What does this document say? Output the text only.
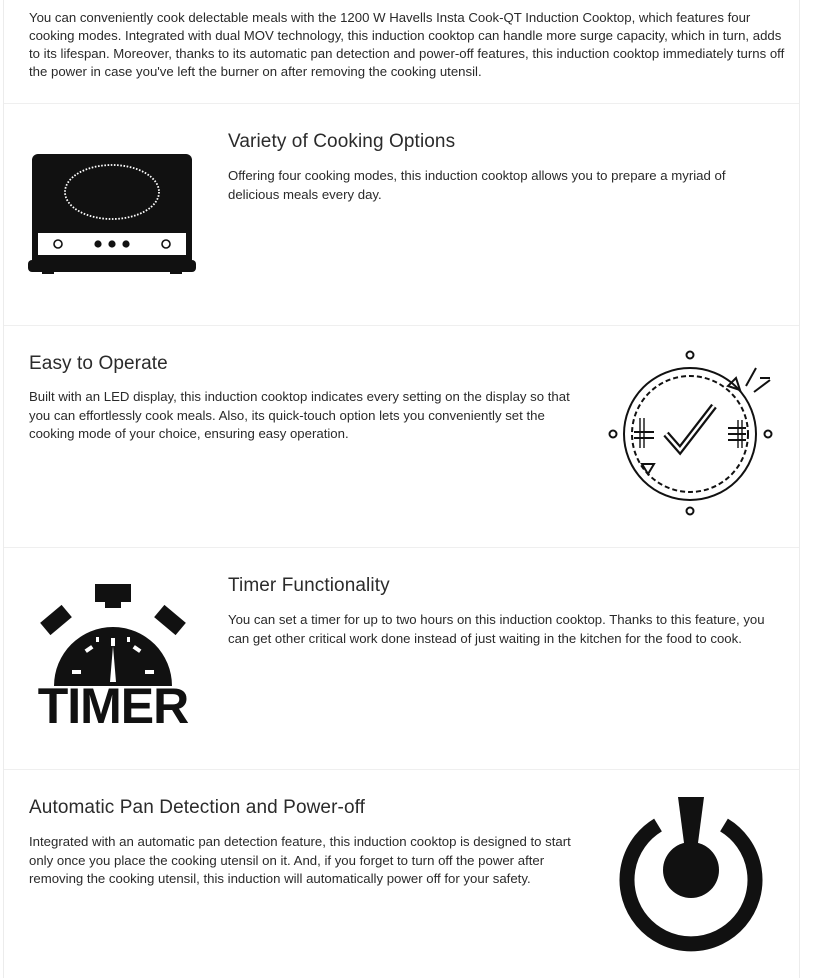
You can conveniently cook delectable meals with the 1200 W Havells Insta Cook-QT Induction Cooktop, which features four cooking modes. Integrated with dual MOV technology, this induction cooktop can handle more surge capacity, which in turn, adds to its lifespan. Moreover, thanks to its automatic pan detection and power-off features, this induction cooktop immediately turns off the power in case you've left the burner on after removing the cooking utensil.

Variety of Cooking Options

Offering four cooking modes, this induction cooktop allows you to prepare a myriad of delicious meals every day.

Easy to Operate

Built with an LED display, this induction cooktop indicates every setting on the display so that you can effortlessly cook meals. Also, its quick-touch option lets you conveniently set the cooking mode of your choice, ensuring easy operation.

TIMER
Timer Functionality

You can set a timer for up to two hours on this induction cooktop. Thanks to this feature, you can get other critical work done instead of just waiting in the kitchen for the food to cook.

Automatic Pan Detection and Power-off

Integrated with an automatic pan detection feature, this induction cooktop is designed to start only once you place the cooking utensil on it. And, if you forget to turn off the power after removing the cooking utensil, this induction will automatically power off for your safety.
